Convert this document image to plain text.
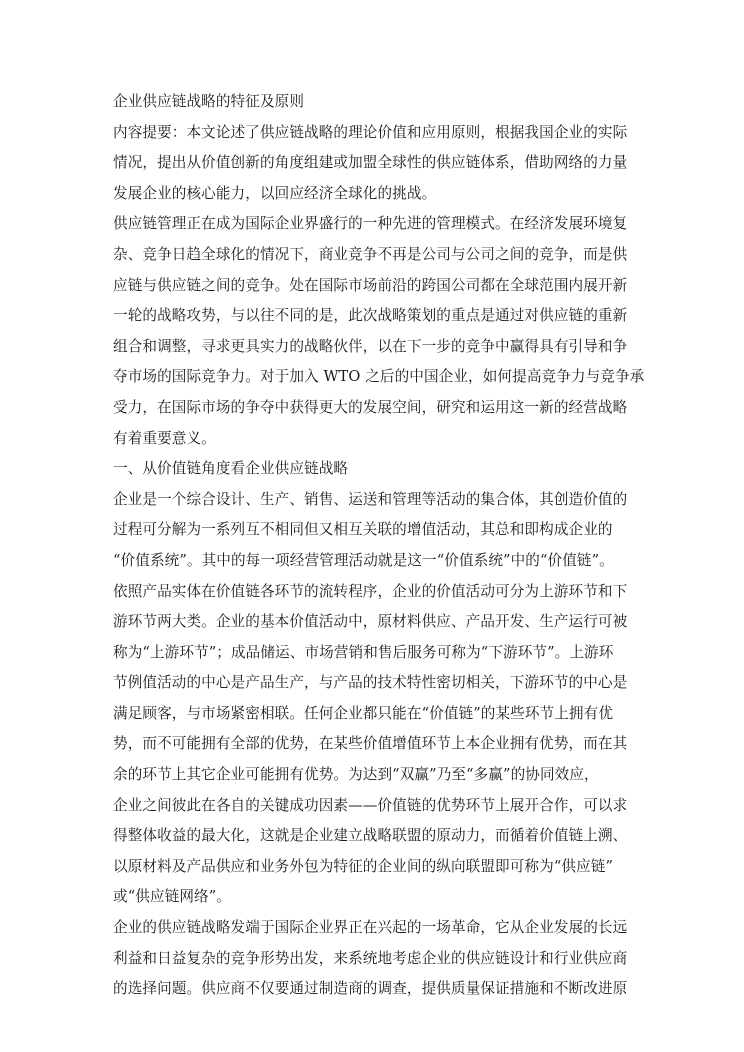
企业供应链战略的特征及原则
内容提要：本文论述了供应链战略的理论价值和应用原则，根据我国企业的实际
情况，提出从价值创新的角度组建或加盟全球性的供应链体系，借助网络的力量
发展企业的核心能力，以回应经济全球化的挑战。
供应链管理正在成为国际企业界盛行的一种先进的管理模式。在经济发展环境复
杂、竞争日趋全球化的情况下，商业竞争不再是公司与公司之间的竞争，而是供
应链与供应链之间的竞争。处在国际市场前沿的跨国公司都在全球范围内展开新
一轮的战略攻势，与以往不同的是，此次战略策划的重点是通过对供应链的重新
组合和调整，寻求更具实力的战略伙伴，以在下一步的竞争中赢得具有引导和争
夺市场的国际竞争力。对于加入 WTO 之后的中国企业，如何提高竞争力与竞争承
受力，在国际市场的争夺中获得更大的发展空间，研究和运用这一新的经营战略
有着重要意义。
一、从价值链角度看企业供应链战略
企业是一个综合设计、生产、销售、运送和管理等活动的集合体，其创造价值的
过程可分解为一系列互不相同但又相互关联的增值活动，其总和即构成企业的
“价值系统”。其中的每一项经营管理活动就是这一“价值系统”中的“价值链”。
依照产品实体在价值链各环节的流转程序，企业的价值活动可分为上游环节和下
游环节两大类。企业的基本价值活动中，原材料供应、产品开发、生产运行可被
称为“上游环节”；成品储运、市场营销和售后服务可称为“下游环节”。上游环
节例值活动的中心是产品生产，与产品的技术特性密切相关，下游环节的中心是
满足顾客，与市场紧密相联。任何企业都只能在“价值链”的某些环节上拥有优
势，而不可能拥有全部的优势，在某些价值增值环节上本企业拥有优势，而在其
余的环节上其它企业可能拥有优势。为达到“双赢”乃至“多赢”的协同效应，
企业之间彼此在各自的关键成功因素——价值链的优势环节上展开合作，可以求
得整体收益的最大化，这就是企业建立战略联盟的原动力，而循着价值链上溯、
以原材料及产品供应和业务外包为特征的企业间的纵向联盟即可称为“供应链”
或“供应链网络”。
企业的供应链战略发端于国际企业界正在兴起的一场革命，它从企业发展的长远
利益和日益复杂的竞争形势出发，来系统地考虑企业的供应链设计和行业供应商
的选择问题。供应商不仅要通过制造商的调查，提供质量保证措施和不断改进原
